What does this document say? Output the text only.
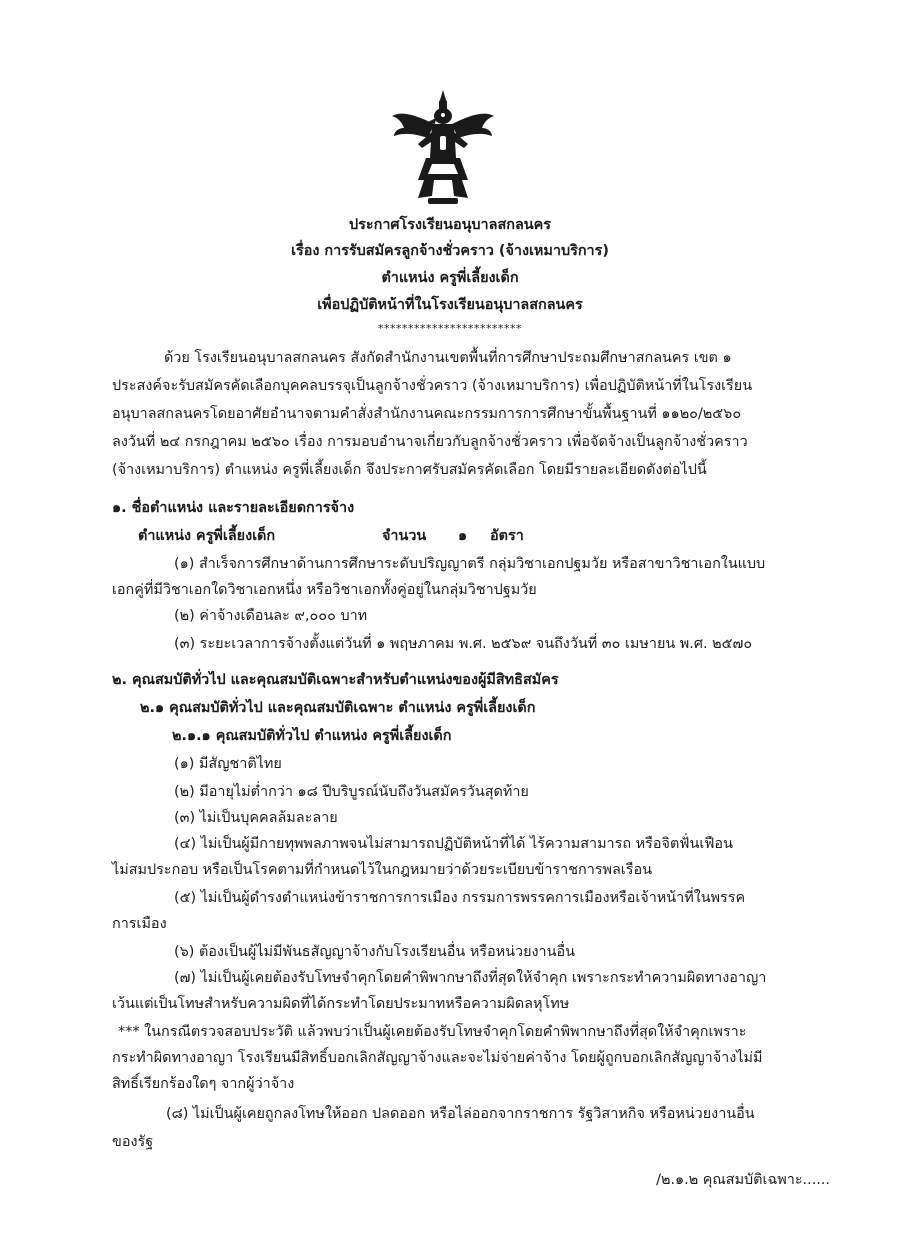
ประกาศโรงเรียนอนุบาลสกลนคร
เรื่อง การรับสมัครลูกจ้างชั่วคราว (จ้างเหมาบริการ)
ตำแหน่ง ครูพี่เลี้ยงเด็ก
เพื่อปฏิบัติหน้าที่ในโรงเรียนอนุบาลสกลนคร
************************
ด้วย โรงเรียนอนุบาลสกลนคร สังกัดสำนักงานเขตพื้นที่การศึกษาประถมศึกษาสกลนคร เขต ๑
ประสงค์จะรับสมัครคัดเลือกบุคคลบรรจุเป็นลูกจ้างชั่วคราว (จ้างเหมาบริการ) เพื่อปฏิบัติหน้าที่ในโรงเรียน
อนุบาลสกลนครโดยอาศัยอำนาจตามคำสั่งสำนักงานคณะกรรมการการศึกษาขั้นพื้นฐานที่ ๑๑๒๐/๒๕๖๐
ลงวันที่ ๒๔ กรกฎาคม ๒๕๖๐ เรื่อง การมอบอำนาจเกี่ยวกับลูกจ้างชั่วคราว เพื่อจัดจ้างเป็นลูกจ้างชั่วคราว
(จ้างเหมาบริการ) ตำแหน่ง ครูพี่เลี้ยงเด็ก จึงประกาศรับสมัครคัดเลือก โดยมีรายละเอียดดังต่อไปนี้
๑. ชื่อตำแหน่ง และรายละเอียดการจ้าง
ตำแหน่ง ครูพี่เลี้ยงเด็ก	จำนวน ๑ อัตรา
(๑) สำเร็จการศึกษาด้านการศึกษาระดับปริญญาตรี กลุ่มวิชาเอกปฐมวัย หรือสาขาวิชาเอกในแบบ
เอกคู่ที่มีวิชาเอกใดวิชาเอกหนึ่ง หรือวิชาเอกทั้งคู่อยู่ในกลุ่มวิชาปฐมวัย
(๒) ค่าจ้างเดือนละ ๙,๐๐๐ บาท
(๓) ระยะเวลาการจ้างตั้งแต่วันที่ ๑ พฤษภาคม พ.ศ. ๒๕๖๙ จนถึงวันที่ ๓๐ เมษายน พ.ศ. ๒๕๗๐
๒. คุณสมบัติทั่วไป และคุณสมบัติเฉพาะสำหรับตำแหน่งของผู้มีสิทธิสมัคร
๒.๑ คุณสมบัติทั่วไป และคุณสมบัติเฉพาะ ตำแหน่ง ครูพี่เลี้ยงเด็ก
๒.๑.๑ คุณสมบัติทั่วไป ตำแหน่ง ครูพี่เลี้ยงเด็ก
(๑) มีสัญชาติไทย
(๒) มีอายุไม่ต่ำกว่า ๑๘ ปีบริบูรณ์นับถึงวันสมัครวันสุดท้าย
(๓) ไม่เป็นบุคคลล้มละลาย
(๔) ไม่เป็นผู้มีกายทุพพลภาพจนไม่สามารถปฏิบัติหน้าที่ได้ ไร้ความสามารถ หรือจิตฟั่นเฟือน
ไม่สมประกอบ หรือเป็นโรคตามที่กำหนดไว้ในกฎหมายว่าด้วยระเบียบข้าราชการพลเรือน
(๕) ไม่เป็นผู้ดำรงตำแหน่งข้าราชการการเมือง กรรมการพรรคการเมืองหรือเจ้าหน้าที่ในพรรค
การเมือง
(๖) ต้องเป็นผู้ไม่มีพันธสัญญาจ้างกับโรงเรียนอื่น หรือหน่วยงานอื่น
(๗) ไม่เป็นผู้เคยต้องรับโทษจำคุกโดยคำพิพากษาถึงที่สุดให้จำคุก เพราะกระทำความผิดทางอาญา
เว้นแต่เป็นโทษสำหรับความผิดที่ได้กระทำโดยประมาทหรือความผิดลหุโทษ
*** ในกรณีตรวจสอบประวัติ แล้วพบว่าเป็นผู้เคยต้องรับโทษจำคุกโดยคำพิพากษาถึงที่สุดให้จำคุกเพราะ
กระทำผิดทางอาญา โรงเรียนมีสิทธิ์บอกเลิกสัญญาจ้างและจะไม่จ่ายค่าจ้าง โดยผู้ถูกบอกเลิกสัญญาจ้างไม่มี
สิทธิ์เรียกร้องใดๆ จากผู้ว่าจ้าง
(๘) ไม่เป็นผู้เคยถูกลงโทษให้ออก ปลดออก หรือไล่ออกจากราชการ รัฐวิสาหกิจ หรือหน่วยงานอื่น
ของรัฐ
/๒.๑.๒ คุณสมบัติเฉพาะ......
